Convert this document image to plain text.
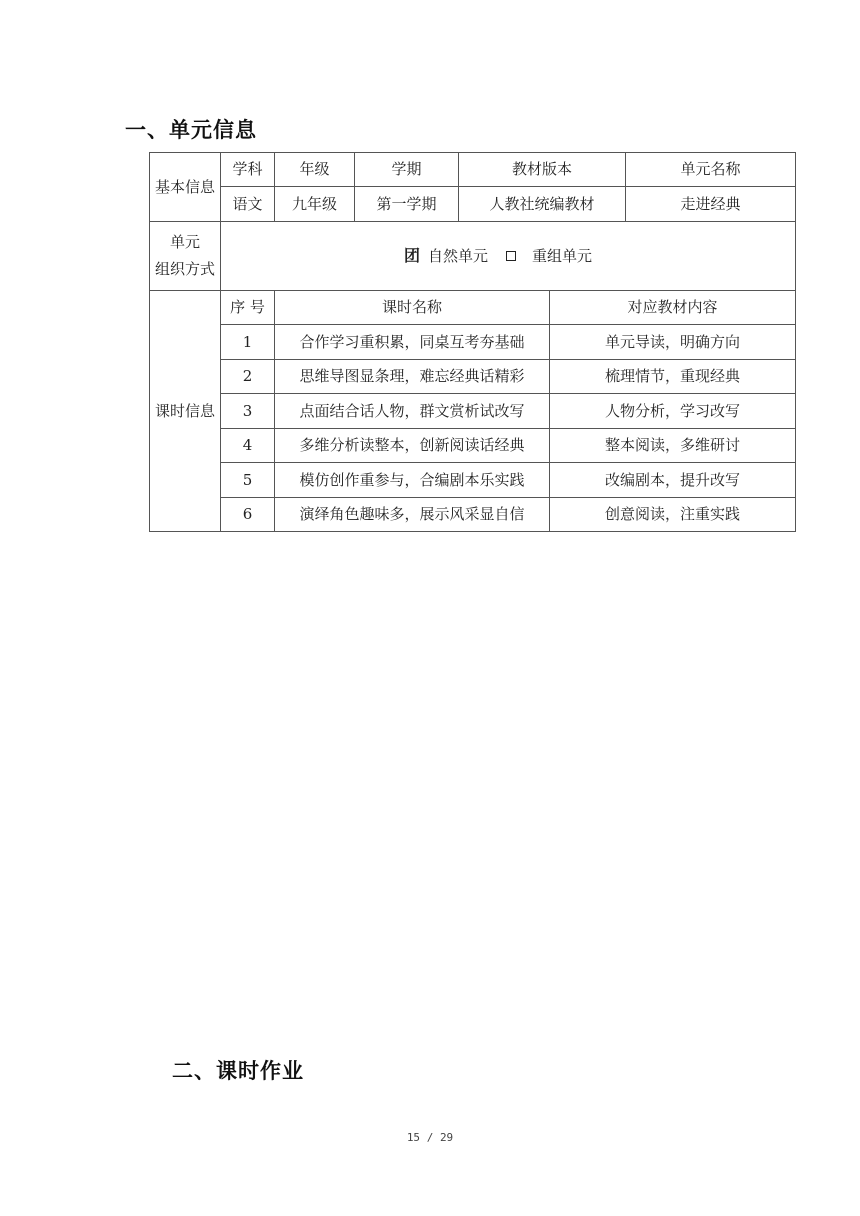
一、单元信息
基本信息
学科	年级	学期	教材版本	单元名称
语文	九年级	第一学期	人教社统编教材	走进经典
单元
组织方式
团 自然单元	重组单元
课时信息
序 号	课时名称	对应教材内容
1	合作学习重积累，同桌互考夯基础	单元导读，明确方向
2	思维导图显条理，难忘经典话精彩	梳理情节，重现经典
3	点面结合话人物，群文赏析试改写	人物分析，学习改写
4	多维分析读整本，创新阅读话经典	整本阅读，多维研讨
5	模仿创作重参与，合编剧本乐实践	改编剧本，提升改写
6	演绎角色趣味多，展示风采显自信	创意阅读，注重实践
二、课时作业
15 / 29
